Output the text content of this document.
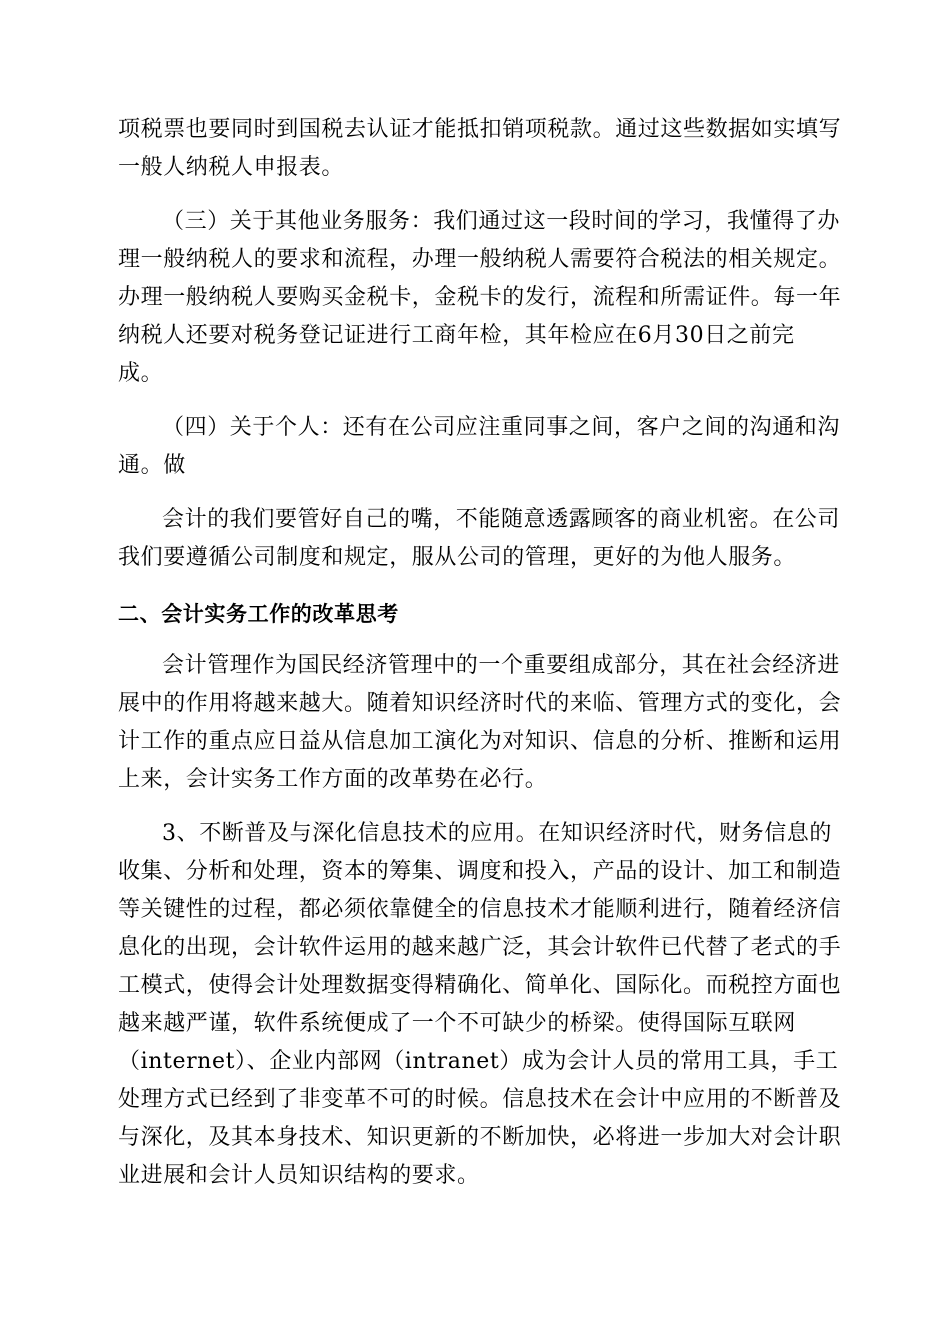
项税票也要同时到国税去认证才能抵扣销项税款。通过这些数据如实填写
一般人纳税人申报表。
（三）关于其他业务服务：我们通过这一段时间的学习，我懂得了办
理一般纳税人的要求和流程，办理一般纳税人需要符合税法的相关规定。
办理一般纳税人要购买金税卡，金税卡的发行，流程和所需证件。每一年
纳税人还要对税务登记证进行工商年检，其年检应在6月30日之前完
成。
（四）关于个人：还有在公司应注重同事之间，客户之间的沟通和沟
通。做
会计的我们要管好自己的嘴，不能随意透露顾客的商业机密。在公司
我们要遵循公司制度和规定，服从公司的管理，更好的为他人服务。
二、会计实务工作的改革思考
会计管理作为国民经济管理中的一个重要组成部分，其在社会经济进
展中的作用将越来越大。随着知识经济时代的来临、管理方式的变化，会
计工作的重点应日益从信息加工演化为对知识、信息的分析、推断和运用
上来，会计实务工作方面的改革势在必行。
3、不断普及与深化信息技术的应用。在知识经济时代，财务信息的
收集、分析和处理，资本的筹集、调度和投入，产品的设计、加工和制造
等关键性的过程，都必须依靠健全的信息技术才能顺利进行，随着经济信
息化的出现，会计软件运用的越来越广泛，其会计软件已代替了老式的手
工模式，使得会计处理数据变得精确化、简单化、国际化。而税控方面也
越来越严谨，软件系统便成了一个不可缺少的桥梁。使得国际互联网
（internet）、企业内部网（intranet）成为会计人员的常用工具，手工
处理方式已经到了非变革不可的时候。信息技术在会计中应用的不断普及
与深化，及其本身技术、知识更新的不断加快，必将进一步加大对会计职
业进展和会计人员知识结构的要求。
